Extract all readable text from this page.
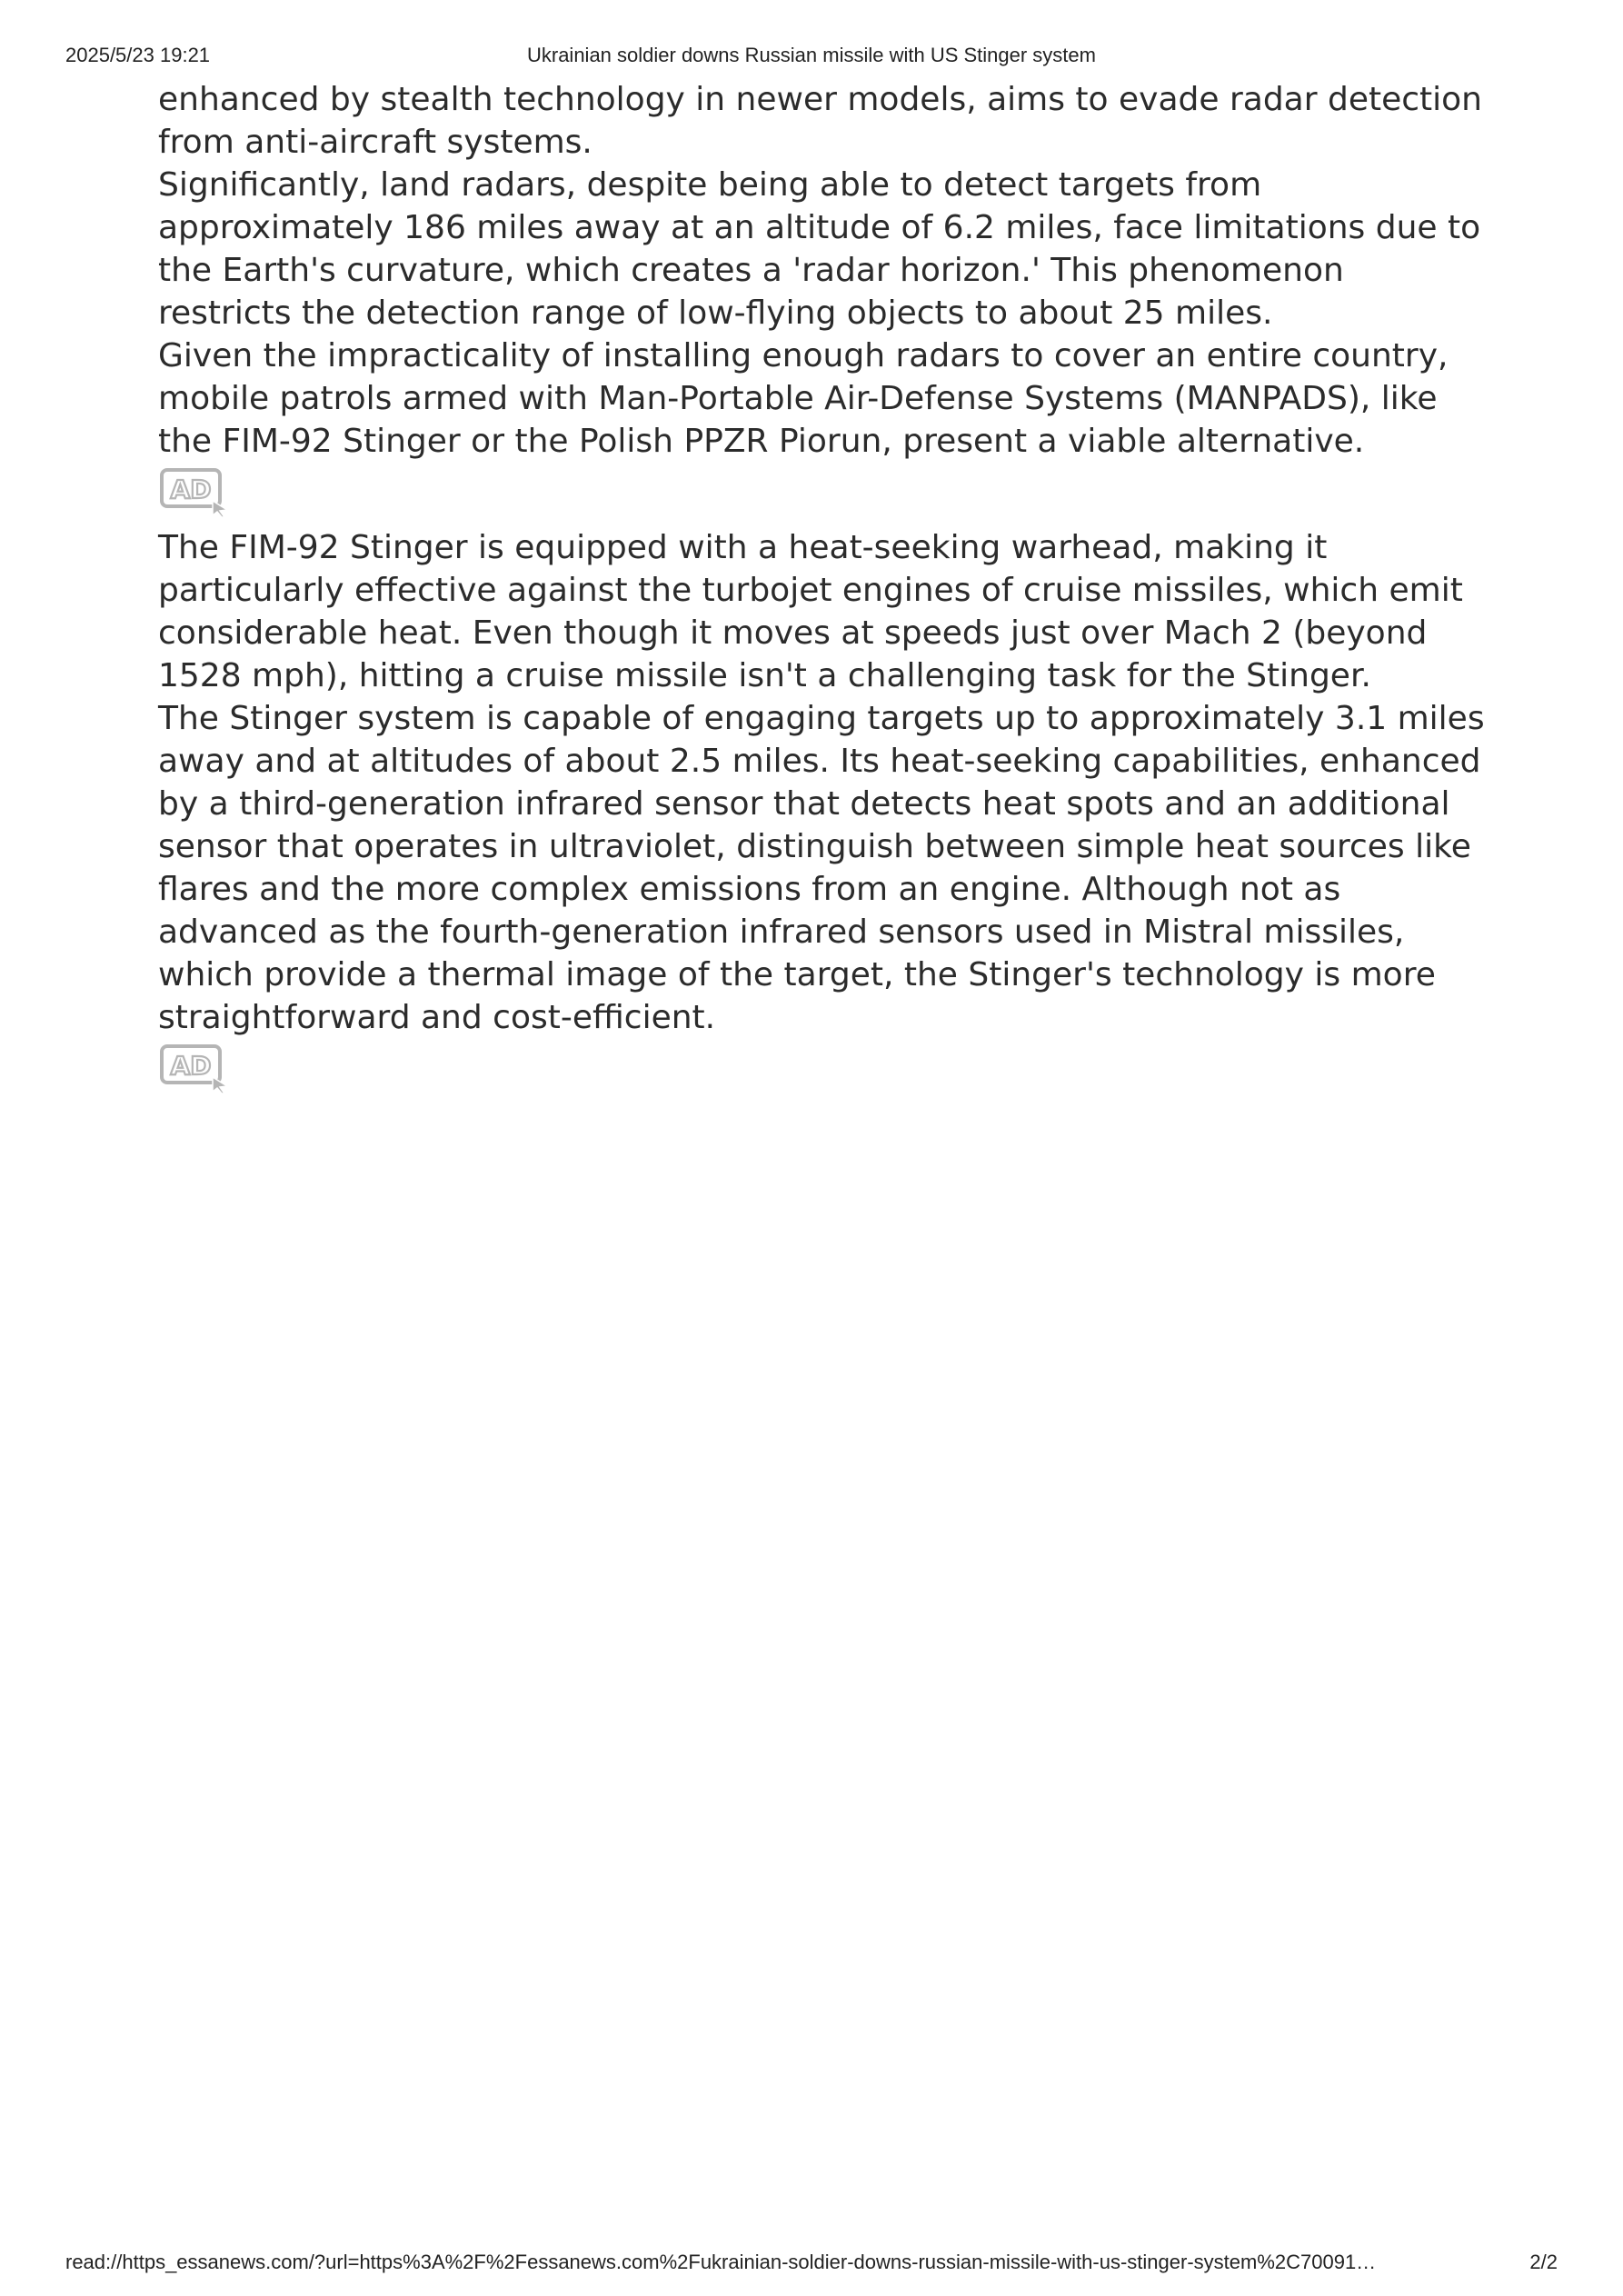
2025/5/23 19:21	Ukrainian soldier downs Russian missile with US Stinger system

enhanced by stealth technology in newer models, aims to evade radar detection from anti-aircraft systems.

Significantly, land radars, despite being able to detect targets from approximately 186 miles away at an altitude of 6.2 miles, face limitations due to the Earth's curvature, which creates a 'radar horizon.' This phenomenon restricts the detection range of low-flying objects to about 25 miles.

Given the impracticality of installing enough radars to cover an entire country, mobile patrols armed with Man-Portable Air-Defense Systems (MANPADS), like the FIM-92 Stinger or the Polish PPZR Piorun, present a viable alternative.

AD

The FIM-92 Stinger is equipped with a heat-seeking warhead, making it particularly effective against the turbojet engines of cruise missiles, which emit considerable heat. Even though it moves at speeds just over Mach 2 (beyond 1528 mph), hitting a cruise missile isn't a challenging task for the Stinger.

The Stinger system is capable of engaging targets up to approximately 3.1 miles away and at altitudes of about 2.5 miles. Its heat-seeking capabilities, enhanced by a third-generation infrared sensor that detects heat spots and an additional sensor that operates in ultraviolet, distinguish between simple heat sources like flares and the more complex emissions from an engine. Although not as advanced as the fourth-generation infrared sensors used in Mistral missiles, which provide a thermal image of the target, the Stinger's technology is more straightforward and cost-efficient.

AD
read://https_essanews.com/?url=https%3A%2F%2Fessanews.com%2Fukrainian-soldier-downs-russian-missile-with-us-stinger-system%2C70091…	2/2
